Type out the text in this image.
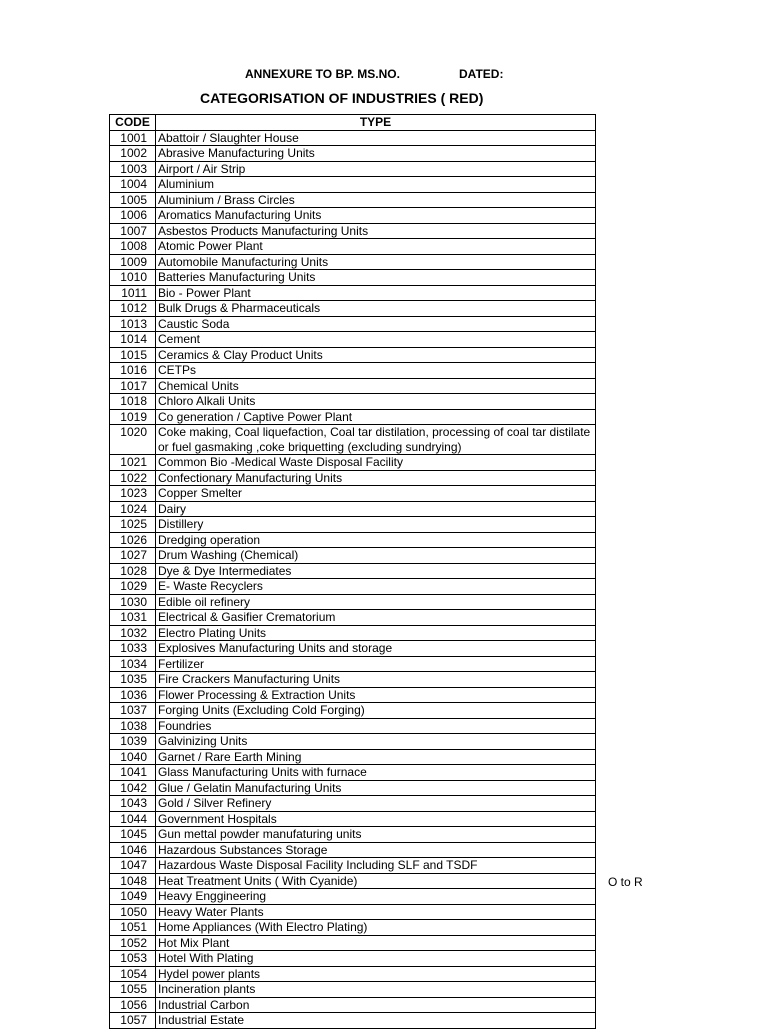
ANNEXURE TO BP. MS.NO.	DATED:
CATEGORISATION OF INDUSTRIES ( RED)
CODE	TYPE
1001	Abattoir / Slaughter House
1002	Abrasive Manufacturing Units
1003	Airport / Air Strip
1004	Aluminium
1005	Aluminium / Brass Circles
1006	Aromatics Manufacturing Units
1007	Asbestos Products Manufacturing Units
1008	Atomic Power Plant
1009	Automobile Manufacturing Units
1010	Batteries Manufacturing Units
1011	Bio - Power Plant
1012	Bulk Drugs & Pharmaceuticals
1013	Caustic Soda
1014	Cement
1015	Ceramics & Clay Product Units
1016	CETPs
1017	Chemical Units
1018	Chloro Alkali Units
1019	Co generation / Captive Power Plant
1020	Coke making, Coal liquefaction, Coal tar distilation, processing of coal tar distilate or fuel gasmaking ,coke briquetting (excluding sundrying)
1021	Common Bio -Medical Waste Disposal Facility
1022	Confectionary Manufacturing Units
1023	Copper Smelter
1024	Dairy
1025	Distillery
1026	Dredging operation
1027	Drum Washing (Chemical)
1028	Dye & Dye Intermediates
1029	E- Waste Recyclers
1030	Edible oil refinery
1031	Electrical & Gasifier Crematorium
1032	Electro Plating Units
1033	Explosives Manufacturing Units and storage
1034	Fertilizer
1035	Fire Crackers Manufacturing Units
1036	Flower Processing & Extraction Units
1037	Forging Units (Excluding Cold Forging)
1038	Foundries
1039	Galvinizing Units
1040	Garnet / Rare Earth Mining
1041	Glass Manufacturing Units with furnace
1042	Glue / Gelatin Manufacturing Units
1043	Gold / Silver Refinery
1044	Government Hospitals
1045	Gun mettal powder manufaturing units
1046	Hazardous Substances Storage
1047	Hazardous Waste Disposal Facility Including SLF and TSDF
1048	Heat Treatment Units ( With Cyanide)
1049	Heavy Enggineering
1050	Heavy Water Plants
1051	Home Appliances (With Electro Plating)
1052	Hot Mix Plant
1053	Hotel With Plating
1054	Hydel power plants
1055	Incineration plants
1056	Industrial Carbon
1057	Industrial Estate
O to R
